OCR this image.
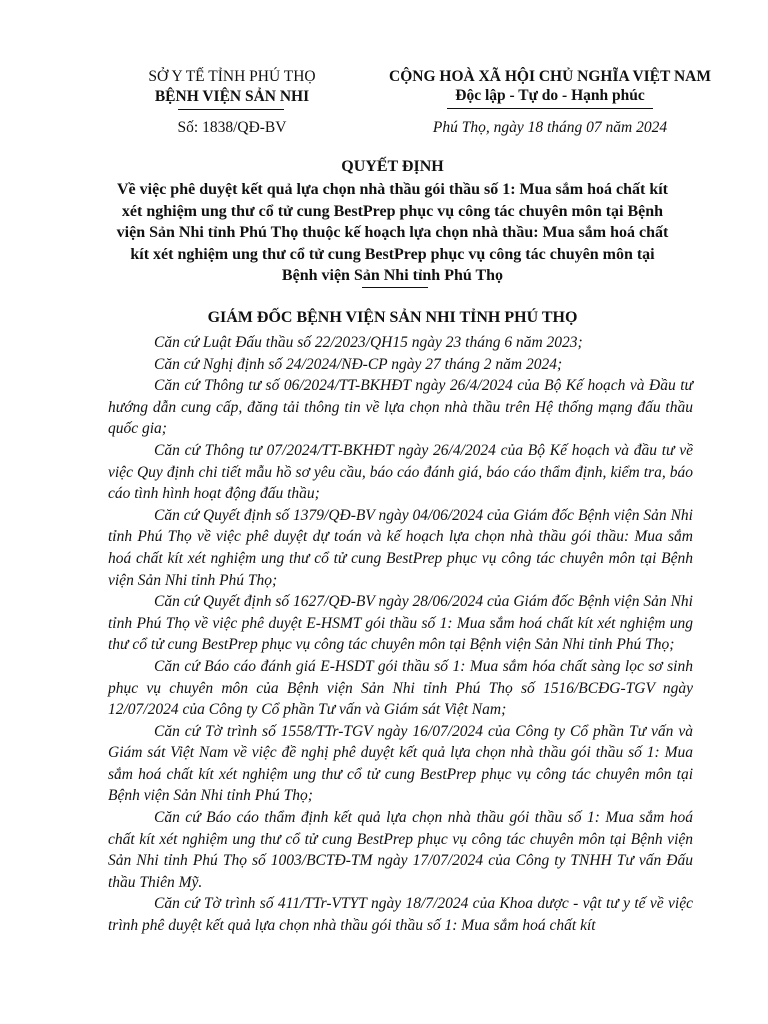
SỞ Y TẾ TỈNH PHÚ THỌ
BỆNH VIỆN SẢN NHI
Số: 1838/QĐ-BV
CỘNG HOÀ XÃ HỘI CHỦ NGHĨA VIỆT NAM
Độc lập - Tự do - Hạnh phúc
Phú Thọ, ngày 18 tháng 07 năm 2024
QUYẾT ĐỊNH
Về việc phê duyệt kết quả lựa chọn nhà thầu gói thầu số 1: Mua sắm hoá chất kít
xét nghiệm ung thư cổ tử cung BestPrep phục vụ công tác chuyên môn tại Bệnh
viện Sản Nhi tỉnh Phú Thọ thuộc kế hoạch lựa chọn nhà thầu: Mua sắm hoá chất
kít xét nghiệm ung thư cổ tử cung BestPrep phục vụ công tác chuyên môn tại
Bệnh viện Sản Nhi tỉnh Phú Thọ
GIÁM ĐỐC BỆNH VIỆN SẢN NHI TỈNH PHÚ THỌ

Căn cứ Luật Đấu thầu số 22/2023/QH15 ngày 23 tháng 6 năm 2023;

Căn cứ Nghị định số 24/2024/NĐ-CP ngày 27 tháng 2 năm 2024;

Căn cứ Thông tư số 06/2024/TT-BKHĐT ngày 26/4/2024 của Bộ Kế hoạch và Đầu tư hướng dẫn cung cấp, đăng tải thông tin về lựa chọn nhà thầu trên Hệ thống mạng đấu thầu quốc gia;

Căn cứ Thông tư 07/2024/TT-BKHĐT ngày 26/4/2024 của Bộ Kế hoạch và đầu tư về việc Quy định chi tiết mẫu hồ sơ yêu cầu, báo cáo đánh giá, báo cáo thẩm định, kiểm tra, báo cáo tình hình hoạt động đấu thầu;

Căn cứ Quyết định số 1379/QĐ-BV ngày 04/06/2024 của Giám đốc Bệnh viện Sản Nhi tỉnh Phú Thọ về việc phê duyệt dự toán và kế hoạch lựa chọn nhà thầu gói thầu: Mua sắm hoá chất kít xét nghiệm ung thư cổ tử cung BestPrep phục vụ công tác chuyên môn tại Bệnh viện Sản Nhi tỉnh Phú Thọ;

Căn cứ Quyết định số 1627/QĐ-BV ngày 28/06/2024 của Giám đốc Bệnh viện Sản Nhi tỉnh Phú Thọ về việc phê duyệt E-HSMT gói thầu số 1: Mua sắm hoá chất kít xét nghiệm ung thư cổ tử cung BestPrep phục vụ công tác chuyên môn tại Bệnh viện Sản Nhi tỉnh Phú Thọ;

Căn cứ Báo cáo đánh giá E-HSDT gói thầu số 1: Mua sắm hóa chất sàng lọc sơ sinh phục vụ chuyên môn của Bệnh viện Sản Nhi tỉnh Phú Thọ số 1516/BCĐG-TGV ngày 12/07/2024 của Công ty Cổ phần Tư vấn và Giám sát Việt Nam;

Căn cứ Tờ trình số 1558/TTr-TGV ngày 16/07/2024 của Công ty Cổ phần Tư vấn và Giám sát Việt Nam về việc đề nghị phê duyệt kết quả lựa chọn nhà thầu gói thầu số 1: Mua sắm hoá chất kít xét nghiệm ung thư cổ tử cung BestPrep phục vụ công tác chuyên môn tại Bệnh viện Sản Nhi tỉnh Phú Thọ;

Căn cứ Báo cáo thẩm định kết quả lựa chọn nhà thầu gói thầu số 1: Mua sắm hoá chất kít xét nghiệm ung thư cổ tử cung BestPrep phục vụ công tác chuyên môn tại Bệnh viện Sản Nhi tỉnh Phú Thọ số 1003/BCTĐ-TM ngày 17/07/2024 của Công ty TNHH Tư vấn Đấu thầu Thiên Mỹ.

Căn cứ Tờ trình số 411/TTr-VTYT ngày 18/7/2024 của Khoa dược - vật tư y tế về việc trình phê duyệt kết quả lựa chọn nhà thầu gói thầu số 1: Mua sắm hoá chất kít
